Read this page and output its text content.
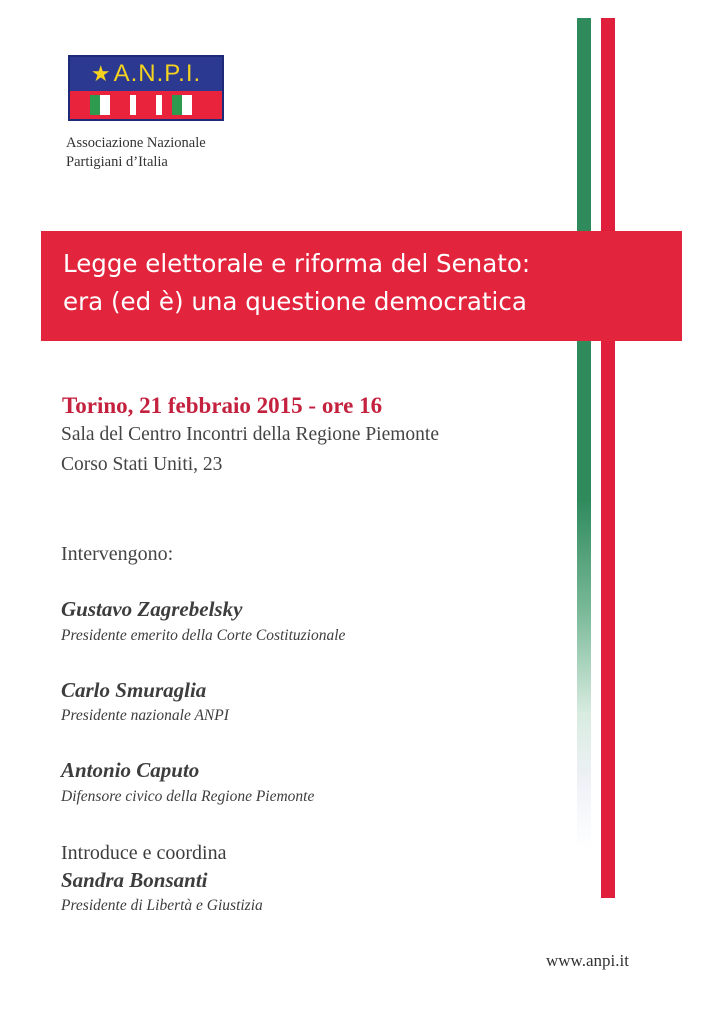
★A.N.P.I.
Associazione Nazionale
Partigiani d’Italia
Legge elettorale e riforma del Senato:
era (ed è) una questione democratica
Torino, 21 febbraio 2015 - ore 16
Sala del Centro Incontri della Regione Piemonte
Corso Stati Uniti, 23
Intervengono:
Gustavo Zagrebelsky
Presidente emerito della Corte Costituzionale
Carlo Smuraglia
Presidente nazionale ANPI
Antonio Caputo
Difensore civico della Regione Piemonte
Introduce e coordina
Sandra Bonsanti
Presidente di Libertà e Giustizia
www.anpi.it
